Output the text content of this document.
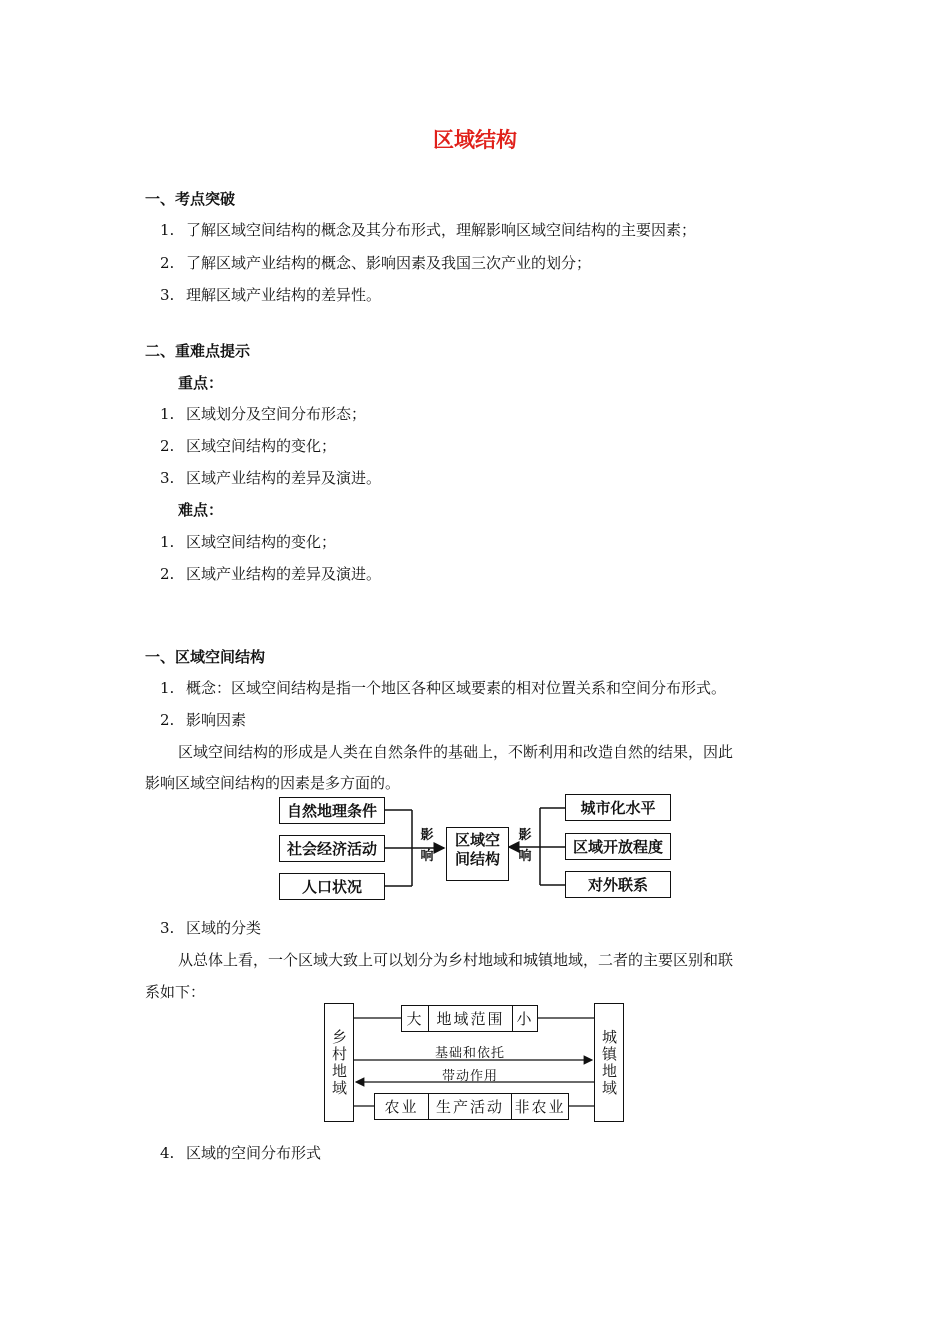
区域结构
一、考点突破
1. 了解区域空间结构的概念及其分布形式，理解影响区域空间结构的主要因素；
2. 了解区域产业结构的概念、影响因素及我国三次产业的划分；
3. 理解区域产业结构的差异性。
二、重难点提示
重点：
1. 区域划分及空间分布形态；
2. 区域空间结构的变化；
3. 区域产业结构的差异及演进。
难点：
1. 区域空间结构的变化；
2. 区域产业结构的差异及演进。
一、区域空间结构
1. 概念：区域空间结构是指一个地区各种区域要素的相对位置关系和空间分布形式。
2. 影响因素
区域空间结构的形成是人类在自然条件的基础上，不断利用和改造自然的结果，因此
影响区域空间结构的因素是多方面的。
自然地理条件
社会经济活动
人口状况
影
响
区域空
间结构
影
响
城市化水平
区域开放程度
对外联系
3. 区域的分类
从总体上看，一个区域大致上可以划分为乡村地域和城镇地域，二者的主要区别和联
系如下：
乡村地域	城镇地域
大 地域范围 小
基础和依托
带动作用
农业	生产活动 非农业
4. 区域的空间分布形式
